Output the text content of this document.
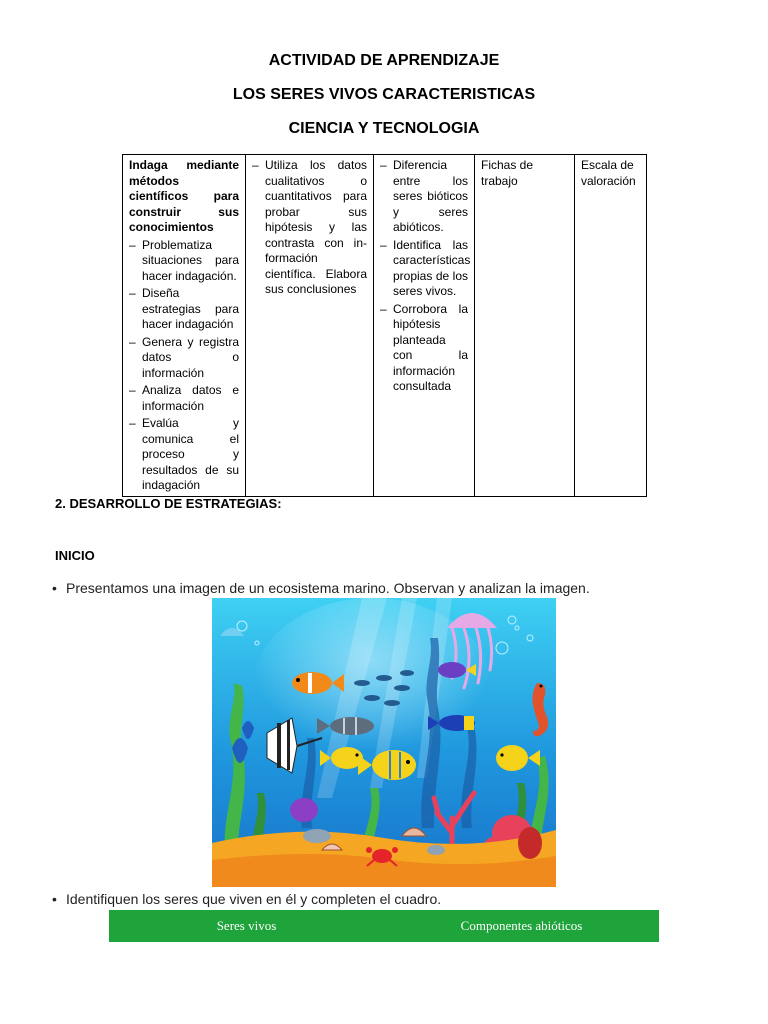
ACTIVIDAD DE APRENDIZAJE
LOS SERES VIVOS CARACTERISTICAS
CIENCIA Y TECNOLOGIA
Indaga mediante métodos científicos para construir sus conocimientos
– Problematiza situaciones para hacer indagación.
– Diseña estrategias para hacer indagación
– Genera y registra datos o información
– Analiza datos e información
– Evalúa y comunica el proceso y resultados de su indagación

– Utiliza los datos cualitativos o cuantitativos para probar sus hipótesis y las contrasta con in-formación científica. Elabora sus conclusiones

– Diferencia entre los seres bióticos y seres abióticos.
– Identifica las características propias de los seres vivos.
– Corrobora la hipótesis planteada con la información consultada

Fichas de trabajo

Escala de valoración
2. DESARROLLO DE ESTRATEGIAS:
INICIO
• Presentamos una imagen de un ecosistema marino. Observan y analizan la imagen.
• Identifiquen los seres que viven en él y completen el cuadro.
Seres vivos	Componentes abióticos
